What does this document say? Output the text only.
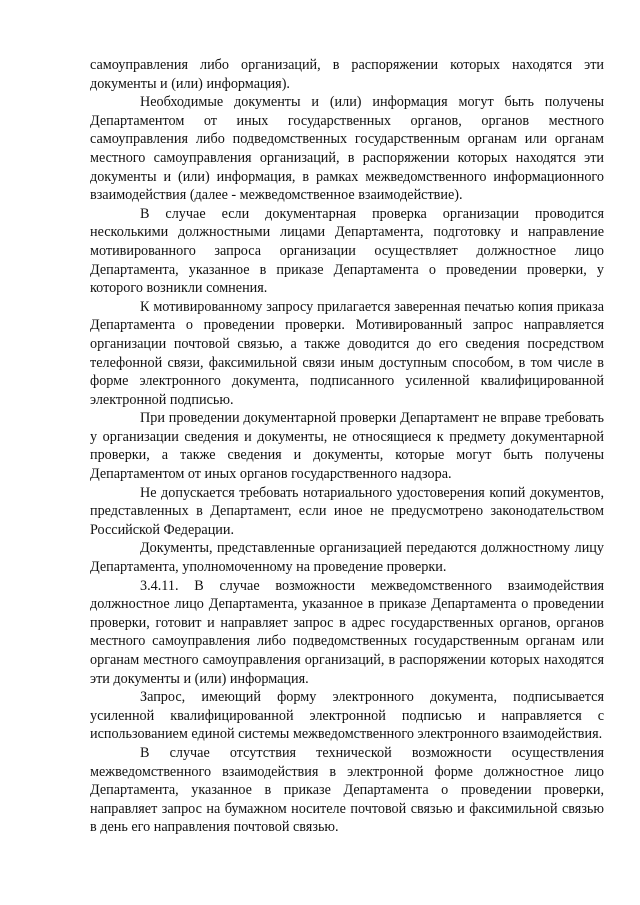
самоуправления либо организаций, в распоряжении которых находятся эти документы и (или) информация).

Необходимые документы и (или) информация могут быть получены Департаментом от иных государственных органов, органов местного самоуправления либо подведомственных государственным органам или органам местного самоуправления организаций, в распоряжении которых находятся эти документы и (или) информация, в рамках межведомственного информационного взаимодействия (далее - межведомственное взаимодействие).

В случае если документарная проверка организации проводится несколькими должностными лицами Департамента, подготовку и направление мотивированного запроса организации осуществляет должностное лицо Департамента, указанное в приказе Департамента о проведении проверки, у которого возникли сомнения.

К мотивированному запросу прилагается заверенная печатью копия приказа Департамента о проведении проверки. Мотивированный запрос направляется организации почтовой связью, а также доводится до его сведения посредством телефонной связи, факсимильной связи иным доступным способом, в том числе в форме электронного документа, подписанного усиленной квалифицированной электронной подписью.

При проведении документарной проверки Департамент не вправе требовать у организации сведения и документы, не относящиеся к предмету документарной проверки, а также сведения и документы, которые могут быть получены Департаментом от иных органов государственного надзора.

Не допускается требовать нотариального удостоверения копий документов, представленных в Департамент, если иное не предусмотрено законодательством Российской Федерации.

Документы, представленные организацией передаются должностному лицу Департамента, уполномоченному на проведение проверки.

3.4.11. В случае возможности межведомственного взаимодействия должностное лицо Департамента, указанное в приказе Департамента о проведении проверки, готовит и направляет запрос в адрес государственных органов, органов местного самоуправления либо подведомственных государственным органам или органам местного самоуправления организаций, в распоряжении которых находятся эти документы и (или) информация.

Запрос, имеющий форму электронного документа, подписывается усиленной квалифицированной электронной подписью и направляется с использованием единой системы межведомственного электронного взаимодействия.

В случае отсутствия технической возможности осуществления межведомственного взаимодействия в электронной форме должностное лицо Департамента, указанное в приказе Департамента о проведении проверки, направляет запрос на бумажном носителе почтовой связью и факсимильной связью в день его направления почтовой связью.
